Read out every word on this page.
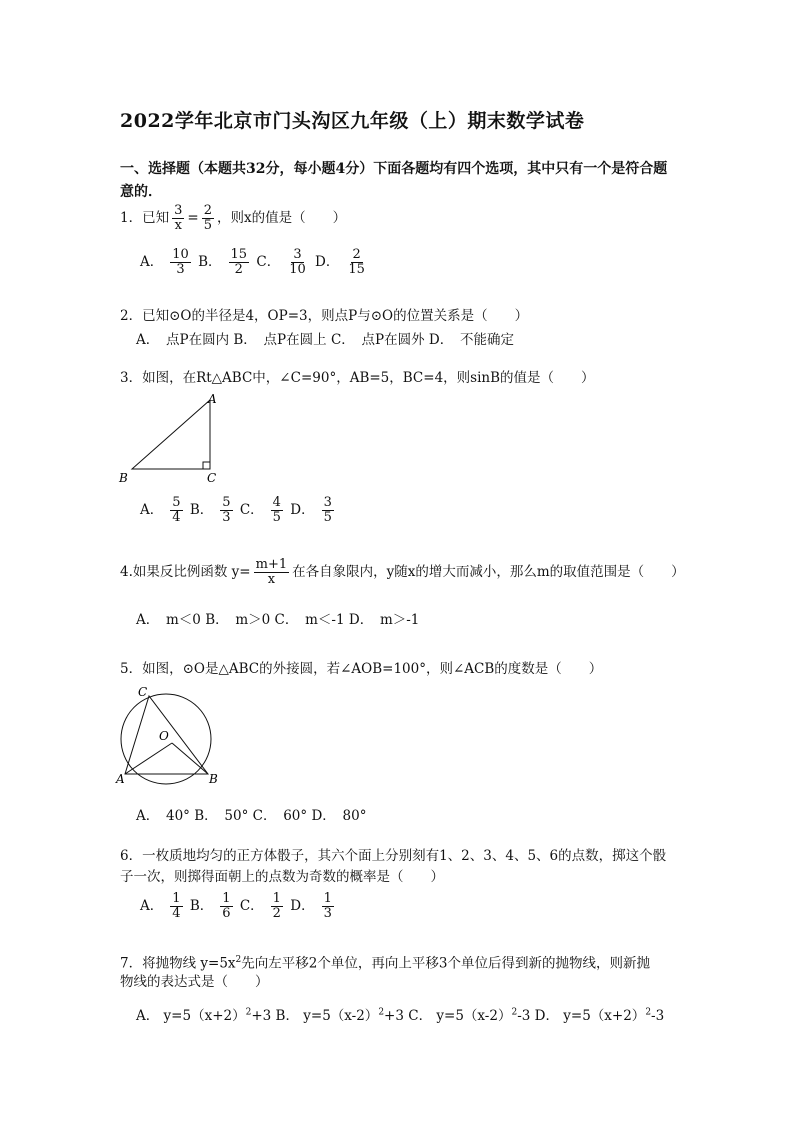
2022学年北京市门头沟区九年级（上）期末数学试卷
一、选择题（本题共32分，每小题4分）下面各题均有四个选项，其中只有一个是符合题意的．
1．已知 $\frac{3}{x} = \frac{2}{5}$ ，则x的值是（　　）
A． $\frac{10}{3}$ B． $\frac{15}{2}$ C． $\frac{3}{10}$ D． $\frac{2}{15}$
2．已知⊙O的半径是4，OP=3，则点P与⊙O的位置关系是（　　）
A．　点P在圆内 B．　点P在圆上 C．　点P在圆外 D．　不能确定
3．如图，在Rt△ABC中，∠C=90°，AB=5，BC=4，则sinB的值是（　　）
A
B	C
A． $\frac{5}{4}$ B． $\frac{5}{3}$ C． $\frac{4}{5}$ D． $\frac{3}{5}$
4.如果反比例函数 $y= \frac{m+1}{x}$ 在各自象限内，y随x的增大而减小，那么m的取值范围是（　　）
A．　m＜0 B．　m＞0 C．　m＜-1 D．　m＞-1
5．如图，⊙O是△ABC的外接圆，若∠AOB=100°，则∠ACB的度数是（　　）
C
O
A	B
A．　40° B．　50° C．　60° D．　80°
6．一枚质地均匀的正方体骰子，其六个面上分别刻有1、2、3、4、5、6的点数，掷这个骰
子一次，则掷得面朝上的点数为奇数的概率是（　　）
A． $\frac{1}{4}$ B． $\frac{1}{6}$ C． $\frac{1}{2}$ D． $\frac{1}{3}$
7．将抛物线 $y=5x^2$先向左平移2个单位，再向上平移3个单位后得到新的抛物线，则新抛
物线的表达式是（　　）
A． $y=5(x+2)^2+3$ B． $y=5(x-2)^2+3$ C． $y=5(x-2)^2-3$ D． $y=5(x+2)^2-3$
